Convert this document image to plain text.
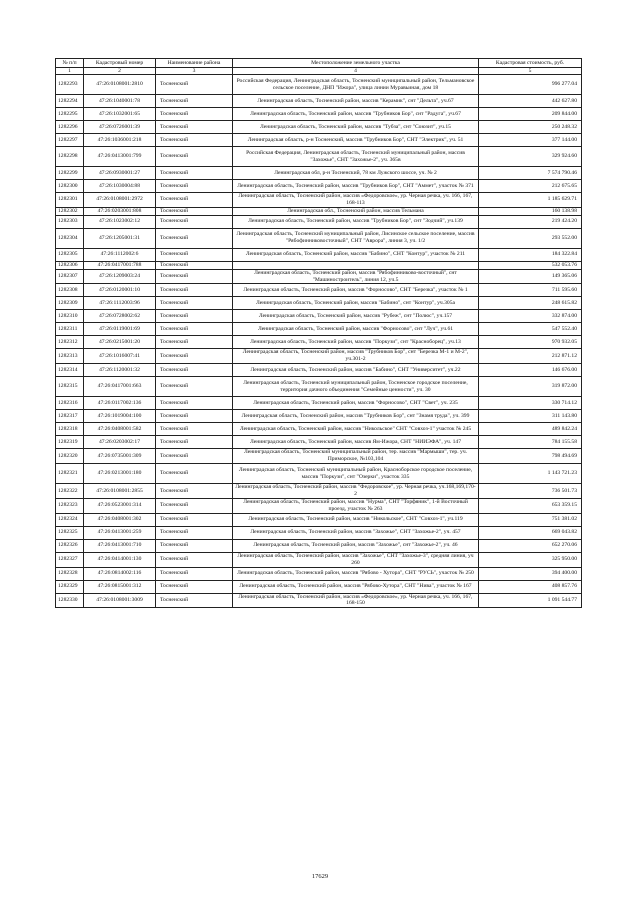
№ п/п	Кадастровый номер	Наименование района	Местоположение земельного участка	Кадастровая стоимость, руб.
1	2	3	4	5
1282293	47:26:0108001:2810	Тосненский	Российская Федерация, Ленинградская область, Тосненский муниципальный район, Тельмановское сельское поселение, ДНП "Ижора", улица линии Муравьиная, дом 18	996 277.04
1282294	47:26:1040001:78	Тосненский	Ленинградская область, Тосненский район, массив "Керамик", снт "Дельта", уч.67	442 627.80
1282295	47:26:1032001:65	Тосненский	Ленинградская область, Тосненский район, массив "Трубников Бор", снт "Радуга", уч.67	209 844.00
1282296	47:26:0726001:39	Тосненский	Ленинградская область, Тосненский район, массив "Тубза", снт "Союзит", уч.15	250 248.32
1282297	47:26:1036001:218	Тосненский	Ленинградская область, р-н Тосненский, массив "Трубников Бор", СНТ "Электрик", уч. 51	377 144.00
1282298	47:26:0413001:799	Тосненский	Российская Федерация, Ленинградская область, Тосненский муниципальный район, массив "Захожье", СНТ "Захожье-2", уч. 365в	329 924.60
1282299	47:26:0930001:27	Тосненский	Ленинградская обл, р-н Тосненский, 78 км Лужского шоссе, уч. № 2	7 574 790.46
1282300	47:26:1030004:88	Тосненский	Ленинградская область, Тосненский район, массив "Трубников Бор", СНТ "Аммет", участок № 371	212 675.65
1282301	47:26:0108001:2972	Тосненский	Ленинградская область, Тосненский район, массив «Федоровское», ур. Черная речка, уч. 166, 167, 168-113	1 185 629.71
1282302	47:26:0203001:808	Тосненский	Ленинградская обл., Тосненский район, массив Тельмана	160 138.98
1282303	47:26:1023002:12	Тосненский	Ленинградская область, Тосненский район, массив "Трубников Бор", снт "Зодчий", уч.139	219 424.20
1282304	47:26:1205001:31	Тосненский	Ленинградская область, Тосненский муниципальный район, Лисинское сельское поселение, массив "Рябофинниковосточный", СНТ "Аврора", линия 3, уч. 1/2	293 552.00
1282305	47:26:1112002:6	Тосненский	Ленинградская область, Тосненский район, массив "Бабино", СНТ "Контур", участок № 211	184 322.84
1282306	47:26:0417001:788	Тосненский		532 053.76
1282307	47:26:1209003:24	Тосненский	Ленинградская область, Тосненский район, массив "Рябофинниково-восточный", снт "Машиностроитель", линия 12, уч.5	149 365.06
1282308	47:26:0120001:10	Тосненский	Ленинградская область, Тосненский район, массив "Форносово", СНТ "Березка", участок № 1	711 595.60
1282309	47:26:1112003:96	Тосненский	Ленинградская область, Тосненский район, массив "Бабино", снт "Контур", уч.305а	248 615.82
1282310	47:26:0728002:62	Тосненский	Ленинградская область, Тосненский район, массив "Рубеж", снт "Полюс", уч.157	332 874.00
1282311	47:26:0119001:69	Тосненский	Ленинградская область, Тосненский район, массив "Форносово", снт "Луч", уч.61	547 552.40
1282312	47:26:0215001:20	Тосненский	Ленинградская область, Тосненский район, массив "Поркузи", снт "Красноборец", уч.13	970 932.05
1282313	47:26:1016007:41	Тосненский	Ленинградская область, Тосненский район, массив "Трубников Бор", снт "Березка М-1 и М-2", уч.301-2	212 871.12
1282314	47:26:1120001:32	Тосненский	Ленинградская область, Тосненский район, массив "Бабино", СНТ "Университет", уч.22	146 676.00
1282315	47:26:0417001:663	Тосненский	Ленинградская область, Тосненский муниципальный район, Тосненское городское поселение, территория дачного объединения "Семейные ценности", уч. 30	319 872.00
1282316	47:26:0117002:136	Тосненский	Ленинградская область, Тосненский район, массив "Форносово", СНТ "Свет", уч. 235	330 714.12
1282317	47:26:1019004:100	Тосненский	Ленинградская область, Тосненский район, массив "Трубников Бор", снт "Знамя труда", уч. 399	311 143.80
1282318	47:26:0408001:582	Тосненский	Ленинградская область, Тосненский район, массив "Никольское" СНТ "Совхоз-1" участок № 245	489 842.24
1282319	47:26:0203002:17	Тосненский	Ленинградская область, Тосненский район, массив Ям-Ижора, СНТ "НИИЭФА", уч. 147	784 155.58
1282320	47:26:0735001:309	Тосненский	Ленинградская область, Тосненский муниципальный район, тер. массив "Мармыши", тер. уч. Приморское, №103,104	798 494.69
1282321	47:26:0213001:180	Тосненский	Ленинградская область, Тосненский муниципальный район, Красноборское городское поселение, массив "Поркузи", снт "Озерки", участок 335	1 143 721.23
1282322	47:26:0108001:2855	Тосненский	Ленинградская область, Тосненский район, массив "Федоровское", ур. Черная речка, уч.168,169,170-2	736 501.73
1282323	47:26:0523001:314	Тосненский	Ленинградская область, Тосненский район, массив "Нурма", СНТ "Торфяник", 1-й Восточный проезд, участок № 263	653 359.15
1282324	47:26:0408001:302	Тосненский	Ленинградская область, Тосненский район, массив "Никольское", СНТ "Совхоз-1", уч.119	751 381.02
1282325	47:26:0413001:259	Тосненский	Ленинградская область, Тосненский район, массив "Захожье", СНТ "Захожье-2", уч. 457	669 043.82
1282326	47:26:0413001:710	Тосненский	Ленинградская область, Тосненский район, массив "Захожье", снт "Захожье-2", уч. 46	652 270.06
1282327	47:26:0414001:130	Тосненский	Ленинградская область, Тосненский район, массив "Захожье", СНТ "Захожье-3", средняя линия, уч 260	325 950.00
1282328	47:26:0814002:116	Тосненский	Ленинградская область, Тосненский район, массив "Рябово - Хутора", СНТ "РУСЬ", участок № 250	394 400.00
1282329	47:26:0815001:312	Тосненский	Ленинградская область, Тосненский район, массив "Рябово-Хутора", СНТ "Нива", участок № 167	408 857.76
1282330	47:26:0108001:3009	Тосненский	Ленинградская область, Тосненский район, массив «Федоровское», ур. Черная речка, уч. 166, 167, 168-150	1 091 544.77
17629
